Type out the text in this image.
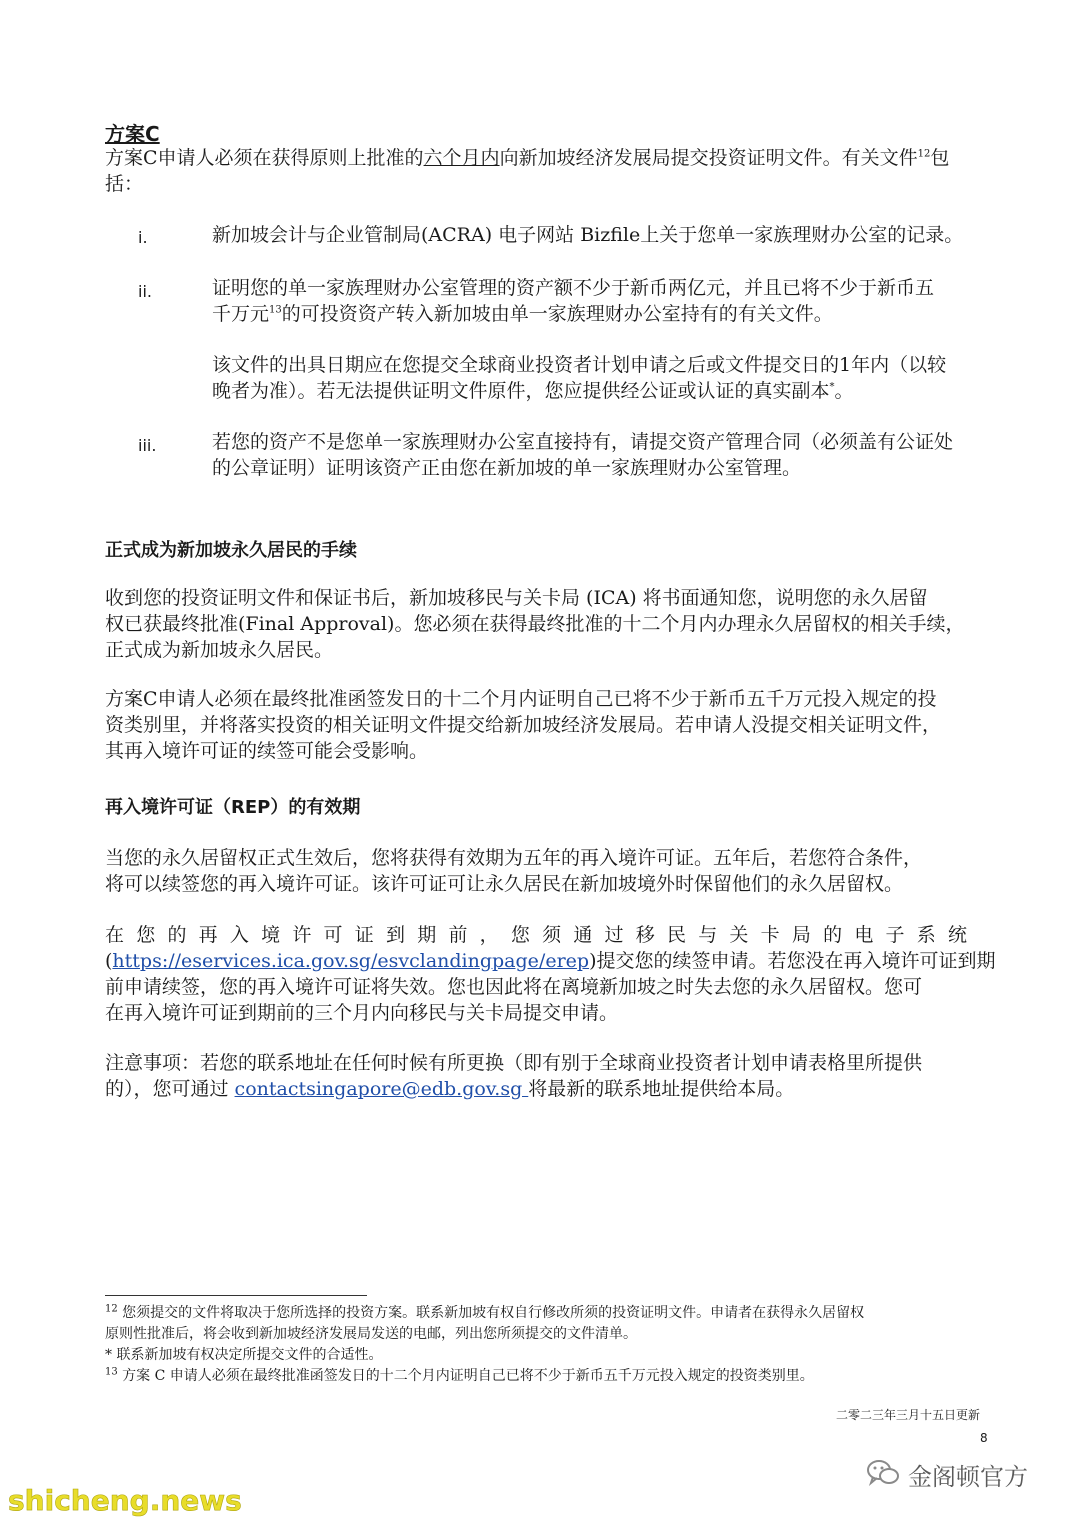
方案C
方案C申请人必须在获得原则上批准的六个月内向新加坡经济发展局提交投资证明文件。有关文件$^{12}$包
括：
i.	新加坡会计与企业管制局(ACRA) 电子网站 Bizfile上关于您单一家族理财办公室的记录。
ii.	证明您的单一家族理财办公室管理的资产额不少于新币两亿元，并且已将不少于新币五
千万元$^{13}$的可投资资产转入新加坡由单一家族理财办公室持有的有关文件。
该文件的出具日期应在您提交全球商业投资者计划申请之后或文件提交日的1年内（以较
晚者为准）。若无法提供证明文件原件，您应提供经公证或认证的真实副本*。
iii.	若您的资产不是您单一家族理财办公室直接持有，请提交资产管理合同（必须盖有公证处
的公章证明）证明该资产正由您在新加坡的单一家族理财办公室管理。
正式成为新加坡永久居民的手续
收到您的投资证明文件和保证书后，新加坡移民与关卡局 (ICA) 将书面通知您，说明您的永久居留
权已获最终批准(Final Approval)。您必须在获得最终批准的十二个月内办理永久居留权的相关手续，
正式成为新加坡永久居民。
方案C申请人必须在最终批准函签发日的十二个月内证明自己已将不少于新币五千万元投入规定的投
资类别里，并将落实投资的相关证明文件提交给新加坡经济发展局。若申请人没提交相关证明文件，
其再入境许可证的续签可能会受影响。
再入境许可证（REP）的有效期
当您的永久居留权正式生效后，您将获得有效期为五年的再入境许可证。五年后，若您符合条件，
将可以续签您的再入境许可证。该许可证可让永久居民在新加坡境外时保留他们的永久居留权。
在您的再入境许可证到期前，您须通过移民与关卡局的电子系统
(https://eservices.ica.gov.sg/esvclandingpage/erep)提交您的续签申请。若您没在再入境许可证到期
前申请续签，您的再入境许可证将失效。您也因此将在离境新加坡之时失去您的永久居留权。您可
在再入境许可证到期前的三个月内向移民与关卡局提交申请。
注意事项：若您的联系地址在任何时候有所更换（即有别于全球商业投资者计划申请表格里所提供
的），您可通过 contactsingapore@edb.gov.sg 将最新的联系地址提供给本局。
$^{12}$ 您须提交的文件将取决于您所选择的投资方案。联系新加坡有权自行修改所须的投资证明文件。申请者在获得永久居留权
原则性批准后，将会收到新加坡经济发展局发送的电邮，列出您所须提交的文件清单。
* 联系新加坡有权决定所提交文件的合适性。
$^{13}$ 方案 C 申请人必须在最终批准函签发日的十二个月内证明自己已将不少于新币五千万元投入规定的投资类别里。
二零二三年三月十五日更新
8
金阁顿官方
shicheng.news
